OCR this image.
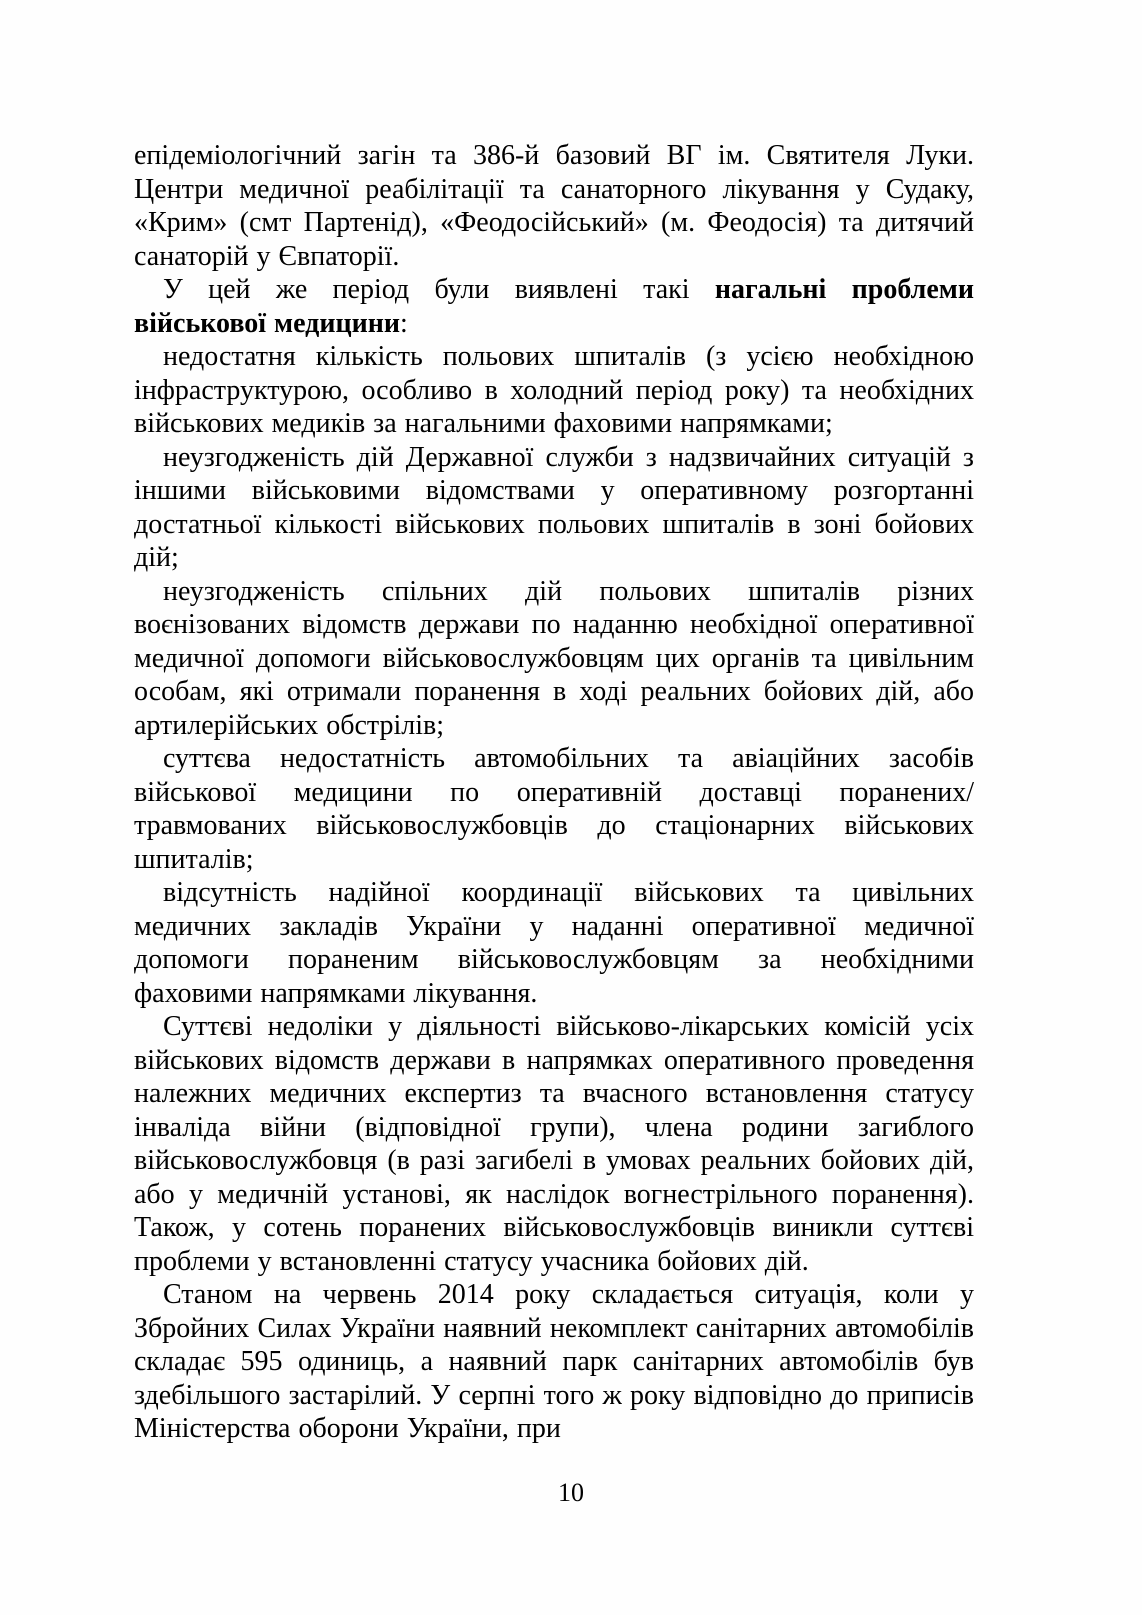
епідеміологічний загін та 386-й базовий ВГ ім. Святителя Луки. Центри медичної реабілітації та санаторного лікування у Судаку, «Крим» (смт Партенід), «Феодосійський» (м. Феодосія) та дитячий санаторій у Євпаторії.

У цей же період були виявлені такі нагальні проблеми військової медицини:

недостатня кількість польових шпиталів (з усією необхідною інфраструктурою, особливо в холодний період року) та необхідних військових медиків за нагальними фаховими напрямками;

неузгодженість дій Державної служби з надзвичайних ситуацій з іншими військовими відомствами у оперативному розгортанні достатньої кількості військових польових шпиталів в зоні бойових дій;

неузгодженість спільних дій польових шпиталів різних воєнізованих відомств держави по наданню необхідної оперативної медичної допомоги військовослужбовцям цих органів та цивільним особам, які отримали поранення в ході реальних бойових дій, або артилерійських обстрілів;

суттєва недостатність автомобільних та авіаційних засобів військової медицини по оперативній доставці поранених/травмованих військовослужбовців до стаціонарних військових шпиталів;

відсутність надійної координації військових та цивільних медичних закладів України у наданні оперативної медичної допомоги пораненим військовослужбовцям за необхідними фаховими напрямками лікування.

Суттєві недоліки у діяльності військово-лікарських комісій усіх військових відомств держави в напрямках оперативного проведення належних медичних експертиз та вчасного встановлення статусу інваліда війни (відповідної групи), члена родини загиблого військовослужбовця (в разі загибелі в умовах реальних бойових дій, або у медичній установі, як наслідок вогнестрільного поранення). Також, у сотень поранених військовослужбовців виникли суттєві проблеми у встановленні статусу учасника бойових дій.

Станом на червень 2014 року складається ситуація, коли у Збройних Силах України наявний некомплект санітарних автомобілів складає 595 одиниць, а наявний парк санітарних автомобілів був здебільшого застарілий. У серпні того ж року відповідно до приписів Міністерства оборони України, при

10
